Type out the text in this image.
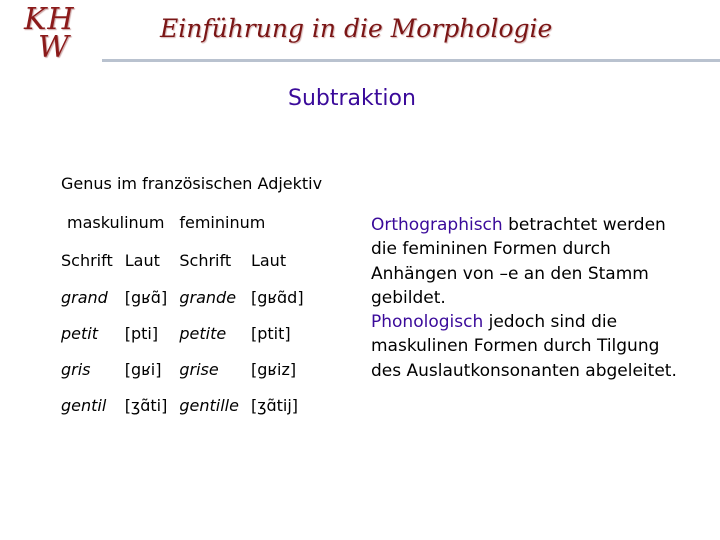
KH
W
Einführung in die Morphologie
Subtraktion
Genus im französischen Adjektiv
maskulinum		femininum	
Schrift	Laut	Schrift	Laut
grand	[gʁɑ̃]	grande	[gʁɑ̃d]
petit	[pti]	petite	[ptit]
gris	[gʁi]	grise	[gʁiz]
gentil	[ʒɑ̃ti]	gentille	[ʒɑ̃tij]
Orthographisch betrachtet werden die femininen Formen durch Anhängen von –e an den Stamm gebildet.
Phonologisch jedoch sind die maskulinen Formen durch Tilgung des Auslautkonsonanten abgeleitet.
